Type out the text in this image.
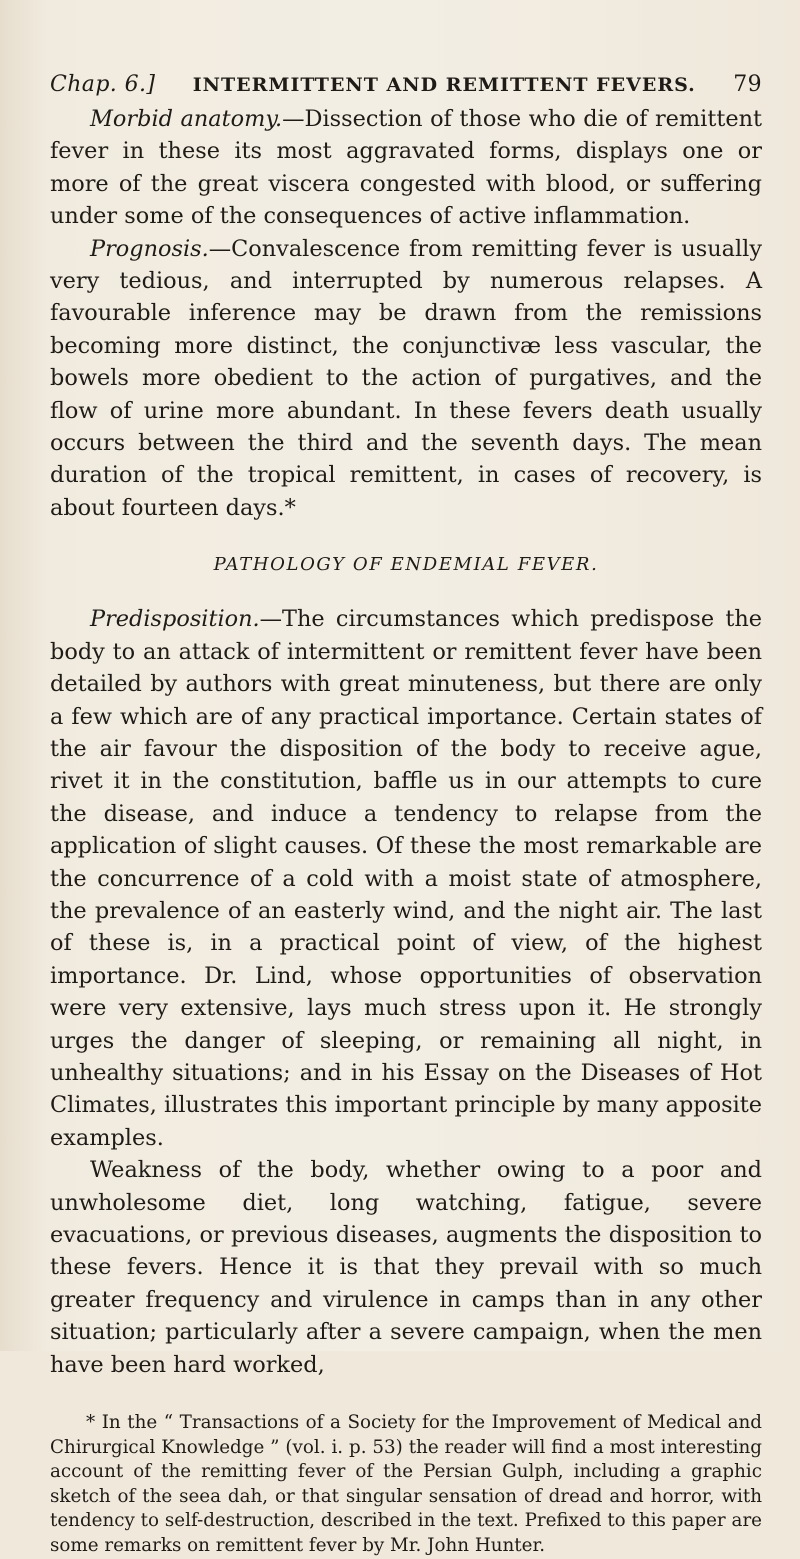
Chap. 6.] INTERMITTENT AND REMITTENT FEVERS. 79

Morbid anatomy.—Dissection of those who die of remittent fever in these its most aggravated forms, displays one or more of the great viscera congested with blood, or suffering under some of the consequences of active inflammation.

Prognosis.—Convalescence from remitting fever is usually very tedious, and interrupted by numerous relapses. A favourable inference may be drawn from the remissions becoming more distinct, the conjunctivæ less vascular, the bowels more obedient to the action of purgatives, and the flow of urine more abundant. In these fevers death usually occurs between the third and the seventh days. The mean duration of the tropical remittent, in cases of recovery, is about fourteen days.*

PATHOLOGY OF ENDEMIAL FEVER.

Predisposition.—The circumstances which predispose the body to an attack of intermittent or remittent fever have been detailed by authors with great minuteness, but there are only a few which are of any practical importance. Certain states of the air favour the disposition of the body to receive ague, rivet it in the constitution, baffle us in our attempts to cure the disease, and induce a tendency to relapse from the application of slight causes. Of these the most remarkable are the concurrence of a cold with a moist state of atmosphere, the prevalence of an easterly wind, and the night air. The last of these is, in a practical point of view, of the highest importance. Dr. Lind, whose opportunities of observation were very extensive, lays much stress upon it. He strongly urges the danger of sleeping, or remaining all night, in unhealthy situations; and in his Essay on the Diseases of Hot Climates, illustrates this important principle by many apposite examples.

Weakness of the body, whether owing to a poor and unwholesome diet, long watching, fatigue, severe evacuations, or previous diseases, augments the disposition to these fevers. Hence it is that they prevail with so much greater frequency and virulence in camps than in any other situation; particularly after a severe campaign, when the men have been hard worked,

* In the “ Transactions of a Society for the Improvement of Medical and Chirurgical Knowledge ” (vol. i. p. 53) the reader will find a most interesting account of the remitting fever of the Persian Gulph, including a graphic sketch of the seea dah, or that singular sensation of dread and horror, with tendency to self-destruction, described in the text. Prefixed to this paper are some remarks on remittent fever by Mr. John Hunter.
